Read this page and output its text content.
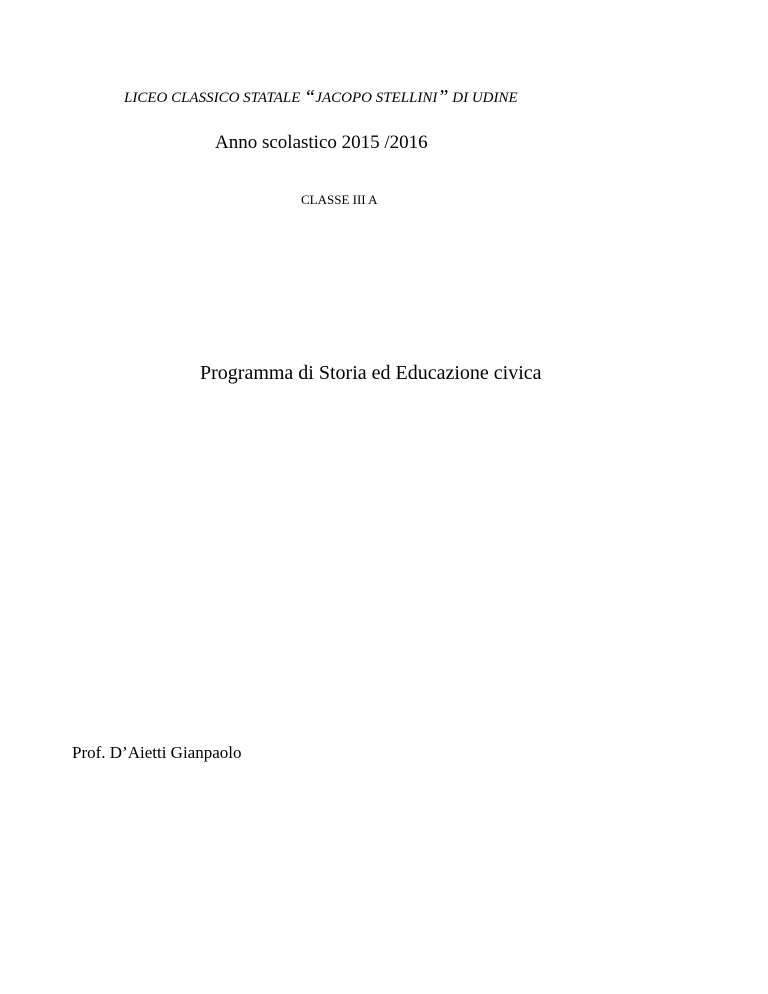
LICEO CLASSICO STATALE “JACOPO STELLINI” DI UDINE
Anno scolastico 2015 /2016
CLASSE III A
Programma di Storia ed Educazione civica
Prof. D’Aietti Gianpaolo
